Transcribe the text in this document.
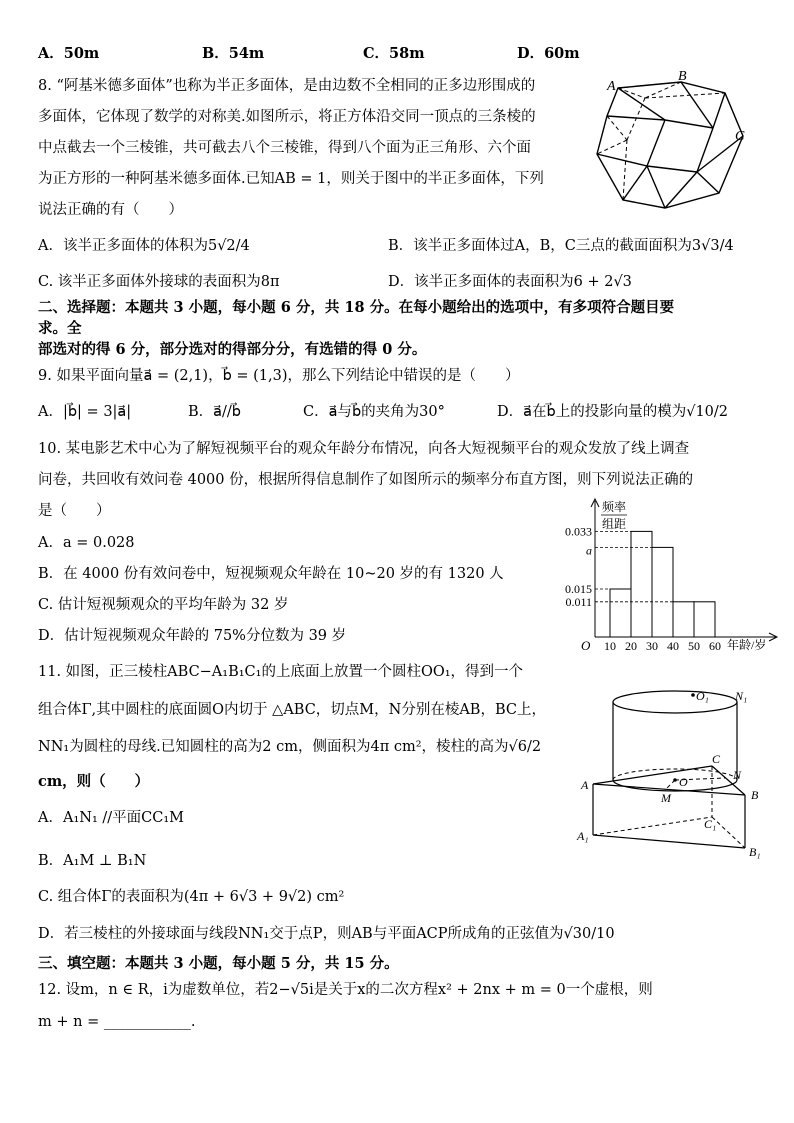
A．50m	B．54m	C．58m	D．60m
8. “阿基米德多面体”也称为半正多面体，是由边数不全相同的正多边形围成的
多面体，它体现了数学的对称美.如图所示，将正方体沿交同一顶点的三条棱的
中点截去一个三棱锥，共可截去八个三棱锥，得到八个面为正三角形、六个面
为正方形的一种阿基米德多面体.已知AB = 1，则关于图中的半正多面体，下列
说法正确的有（　　）
A．该半正多面体的体积为5√2/4	B．该半正多面体过A，B，C三点的截面面积为3√3/4
C. 该半正多面体外接球的表面积为8π	D．该半正多面体的表面积为6 + 2√3
A
B
C
二、选择题：本题共 3 小题，每小题 6 分，共 18 分。在每小题给出的选项中，有多项符合题目要
求。全
部选对的得 6 分，部分选对的得部分分，有选错的得 0 分。
9. 如果平面向量a⃗ = (2,1)，b⃗ = (1,3)，那么下列结论中错误的是（　　）
A．|b⃗| = 3|a⃗|	B．a⃗//b⃗	C．a⃗与b⃗的夹角为30°	D．a⃗在b⃗上的投影向量的模为√10/2
10. 某电影艺术中心为了解短视频平台的观众年龄分布情况，向各大短视频平台的观众发放了线上调查
问卷，共回收有效问卷 4000 份，根据所得信息制作了如图所示的频率分布直方图，则下列说法正确的
是（　　）
A．a = 0.028
B．在 4000 份有效问卷中，短视频观众年龄在 10~20 岁的有 1320 人
C. 估计短视频观众的平均年龄为 32 岁
D．估计短视频观众年龄的 75%分位数为 39 岁
频率
组距
O	年龄/岁
10 20 30 40 50 60
0.033
a
0.015
0.011
11. 如图，正三棱柱ABC−A₁B₁C₁的上底面上放置一个圆柱OO₁，得到一个
组合体Γ,其中圆柱的底面圆O内切于 △ABC，切点M，N分别在棱AB，BC上，
NN₁为圆柱的母线.已知圆柱的高为2 cm，侧面积为4π cm²，棱柱的高为√6/2
cm，则（　　）
A．A₁N₁ //平面CC₁M
B．A₁M ⊥ B₁N
C. 组合体Γ的表面积为(4π + 6√3 + 9√2) cm²
D．若三棱柱的外接球面与线段NN₁交于点P，则AB与平面ACP所成角的正弦值为√30/10
O₁ N₁
C
N
A	O
M	B
C₁
A₁
B₁
三、填空题：本题共 3 小题，每小题 5 分，共 15 分。
12. 设m，n ∈ R，i为虚数单位，若2−√5i是关于x的二次方程x² + 2nx + m = 0一个虚根，则
m + n = ____________.
